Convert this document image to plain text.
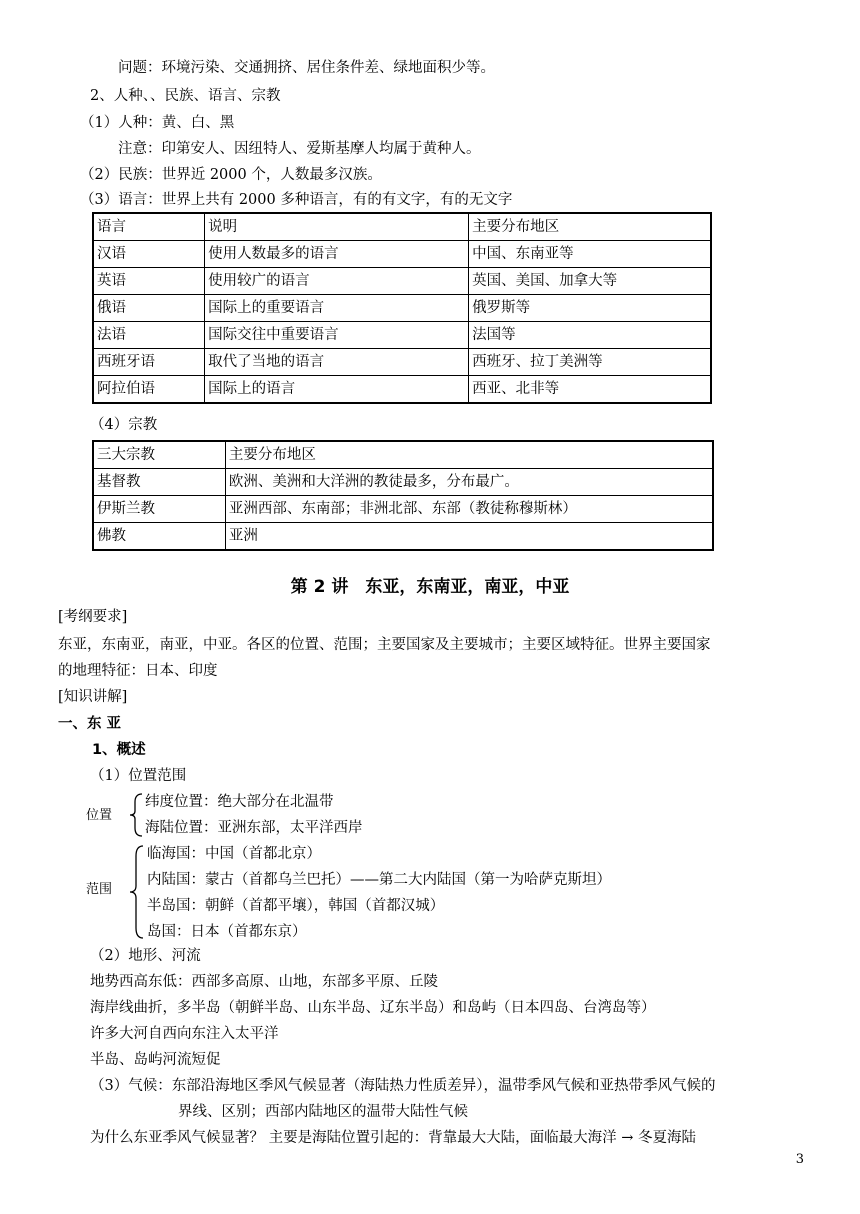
问题：环境污染、交通拥挤、居住条件差、绿地面积少等。
2、人种、、民族、语言、宗教
（1）人种：黄、白、黑
注意：印第安人、因纽特人、爱斯基摩人均属于黄种人。
（2）民族：世界近 2000 个，人数最多汉族。
（3）语言：世界上共有 2000 多种语言，有的有文字，有的无文字
语言	说明	主要分布地区
汉语	使用人数最多的语言	中国、东南亚等
英语	使用较广的语言	英国、美国、加拿大等
俄语	国际上的重要语言	俄罗斯等
法语	国际交往中重要语言	法国等
西班牙语	取代了当地的语言	西班牙、拉丁美洲等
阿拉伯语	国际上的语言	西亚、北非等
（4）宗教
三大宗教	主要分布地区
基督教	欧洲、美洲和大洋洲的教徒最多，分布最广。
伊斯兰教	亚洲西部、东南部；非洲北部、东部（教徒称穆斯林）
佛教	亚洲
第 2 讲　东亚，东南亚，南亚，中亚
[考纲要求]
东亚，东南亚，南亚，中亚。各区的位置、范围；主要国家及主要城市；主要区域特征。世界主要国家
的地理特征：日本、印度
[知识讲解]
一、东 亚
1、概述
（1）位置范围
位置
纬度位置：绝大部分在北温带
海陆位置：亚洲东部，太平洋西岸
范围
临海国：中国（首都北京）
内陆国：蒙古（首都乌兰巴托）——第二大内陆国（第一为哈萨克斯坦）
半岛国：朝鲜（首都平壤），韩国（首都汉城）
岛国：日本（首都东京）
（2）地形、河流
地势西高东低：西部多高原、山地，东部多平原、丘陵
海岸线曲折，多半岛（朝鲜半岛、山东半岛、辽东半岛）和岛屿（日本四岛、台湾岛等）
许多大河自西向东注入太平洋
半岛、岛屿河流短促
（3）气候：东部沿海地区季风气候显著（海陆热力性质差异），温带季风气候和亚热带季风气候的
界线、区别；西部内陆地区的温带大陆性气候
为什么东亚季风气候显著？ 主要是海陆位置引起的：背靠最大大陆，面临最大海洋 → 冬夏海陆
3
